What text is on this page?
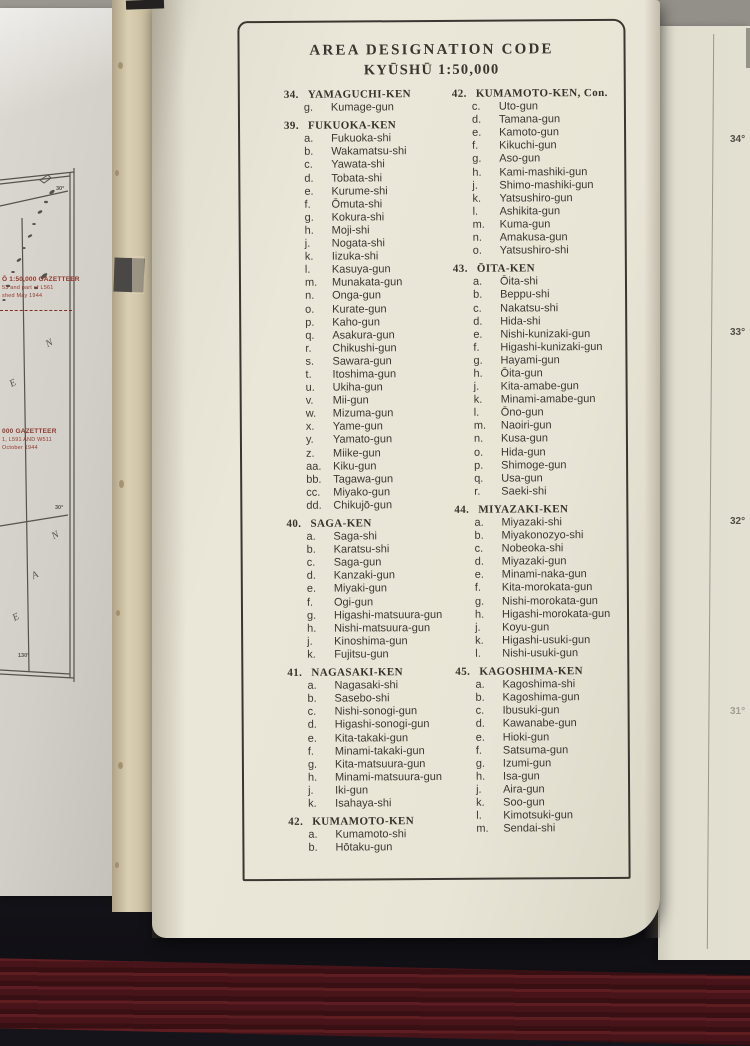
30°
30°
130°
Ō 1:50,000 GAZETTEER
53 and part of L561
shed May 1944
000 GAZETTEER
1, L591 AND W511
October 1944
N
E
N
A
E
34°
33°
32°
31°
AREA DESIGNATION CODE
KYŪSHŪ 1:50,000
34. YAMAGUCHI-KEN
g.	Kumage-gun
39. FUKUOKA-KEN
a.	Fukuoka-shi
b.	Wakamatsu-shi
c.	Yawata-shi
d.	Tobata-shi
e.	Kurume-shi
f.	Ōmuta-shi
g.	Kokura-shi
h.	Moji-shi
j.	Nogata-shi
k.	Iizuka-shi
l.	Kasuya-gun
m.	Munakata-gun
n.	Onga-gun
o.	Kurate-gun
p.	Kaho-gun
q.	Asakura-gun
r.	Chikushi-gun
s.	Sawara-gun
t.	Itoshima-gun
u.	Ukiha-gun
v.	Mii-gun
w.	Mizuma-gun
x.	Yame-gun
y.	Yamato-gun
z.	Miike-gun
aa.	Kiku-gun
bb.	Tagawa-gun
cc.	Miyako-gun
dd.	Chikujō-gun
40. SAGA-KEN
a.	Saga-shi
b.	Karatsu-shi
c.	Saga-gun
d.	Kanzaki-gun
e.	Miyaki-gun
f.	Ogi-gun
g.	Higashi-matsuura-gun
h.	Nishi-matsuura-gun
j.	Kinoshima-gun
k.	Fujitsu-gun
41. NAGASAKI-KEN
a.	Nagasaki-shi
b.	Sasebo-shi
c.	Nishi-sonogi-gun
d.	Higashi-sonogi-gun
e.	Kita-takaki-gun
f.	Minami-takaki-gun
g.	Kita-matsuura-gun
h.	Minami-matsuura-gun
j.	Iki-gun
k.	Isahaya-shi
42. KUMAMOTO-KEN
a.	Kumamoto-shi
b.	Hōtaku-gun
42. KUMAMOTO-KEN, Con.
c.	Uto-gun
d.	Tamana-gun
e.	Kamoto-gun
f.	Kikuchi-gun
g.	Aso-gun
h.	Kami-mashiki-gun
j.	Shimo-mashiki-gun
k.	Yatsushiro-gun
l.	Ashikita-gun
m.	Kuma-gun
n.	Amakusa-gun
o.	Yatsushiro-shi
43. ŌITA-KEN
a.	Ōita-shi
b.	Beppu-shi
c.	Nakatsu-shi
d.	Hida-shi
e.	Nishi-kunizaki-gun
f.	Higashi-kunizaki-gun
g.	Hayami-gun
h.	Ōita-gun
j.	Kita-amabe-gun
k.	Minami-amabe-gun
l.	Ōno-gun
m.	Naoiri-gun
n.	Kusa-gun
o.	Hida-gun
p.	Shimoge-gun
q.	Usa-gun
r.	Saeki-shi
44. MIYAZAKI-KEN
a.	Miyazaki-shi
b.	Miyakonozyo-shi
c.	Nobeoka-shi
d.	Miyazaki-gun
e.	Minami-naka-gun
f.	Kita-morokata-gun
g.	Nishi-morokata-gun
h.	Higashi-morokata-gun
j.	Koyu-gun
k.	Higashi-usuki-gun
l.	Nishi-usuki-gun
45. KAGOSHIMA-KEN
a.	Kagoshima-shi
b.	Kagoshima-gun
c.	Ibusuki-gun
d.	Kawanabe-gun
e.	Hioki-gun
f.	Satsuma-gun
g.	Izumi-gun
h.	Isa-gun
j.	Aira-gun
k.	Soo-gun
l.	Kimotsuki-gun
m.	Sendai-shi
